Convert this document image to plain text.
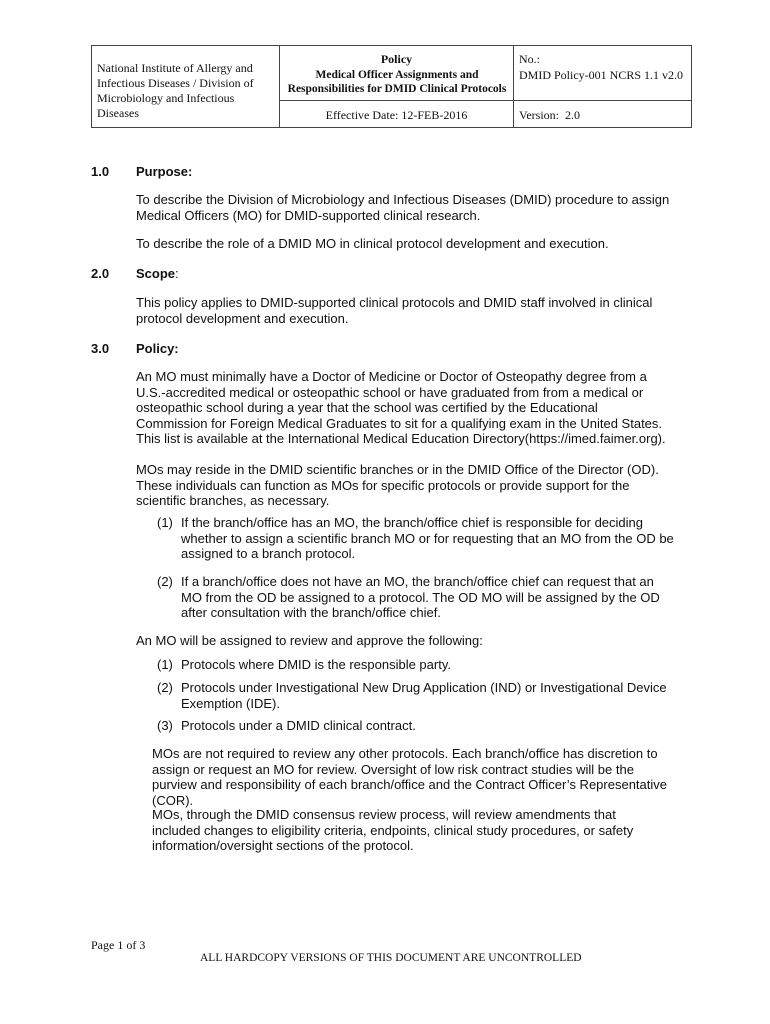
National Institute of Allergy and Infectious Diseases / Division of Microbiology and Infectious Diseases
Policy
Medical Officer Assignments and Responsibilities for DMID Clinical Protocols
No.:
DMID Policy-001 NCRS 1.1 v2.0
Effective Date: 12-FEB-2016	Version:  2.0
1.0 Purpose:
To describe the Division of Microbiology and Infectious Diseases (DMID) procedure to assign Medical Officers (MO) for DMID-supported clinical research.
To describe the role of a DMID MO in clinical protocol development and execution.
2.0 Scope:
This policy applies to DMID-supported clinical protocols and DMID staff involved in clinical protocol development and execution.
3.0 Policy:
An MO must minimally have a Doctor of Medicine or Doctor of Osteopathy degree from a U.S.-accredited medical or osteopathic school or have graduated from from a medical or osteopathic school during a year that the school was certified by the Educational Commission for Foreign Medical Graduates to sit for a qualifying exam in the United States. This list is available at the International Medical Education Directory(https://imed.faimer.org).
MOs may reside in the DMID scientific branches or in the DMID Office of the Director (OD). These individuals can function as MOs for specific protocols or provide support for the scientific branches, as necessary.
(1) If the branch/office has an MO, the branch/office chief is responsible for deciding whether to assign a scientific branch MO or for requesting that an MO from the OD be assigned to a branch protocol.
(2) If a branch/office does not have an MO, the branch/office chief can request that an MO from the OD be assigned to a protocol. The OD MO will be assigned by the OD after consultation with the branch/office chief.
An MO will be assigned to review and approve the following:
(1) Protocols where DMID is the responsible party.
(2) Protocols under Investigational New Drug Application (IND) or Investigational Device Exemption (IDE).
(3) Protocols under a DMID clinical contract.
MOs are not required to review any other protocols. Each branch/office has discretion to assign or request an MO for review. Oversight of low risk contract studies will be the purview and responsibility of each branch/office and the Contract Officer’s Representative (COR).
MOs, through the DMID consensus review process, will review amendments that included changes to eligibility criteria, endpoints, clinical study procedures, or safety information/oversight sections of the protocol.
Page 1 of 3
ALL HARDCOPY VERSIONS OF THIS DOCUMENT ARE UNCONTROLLED
